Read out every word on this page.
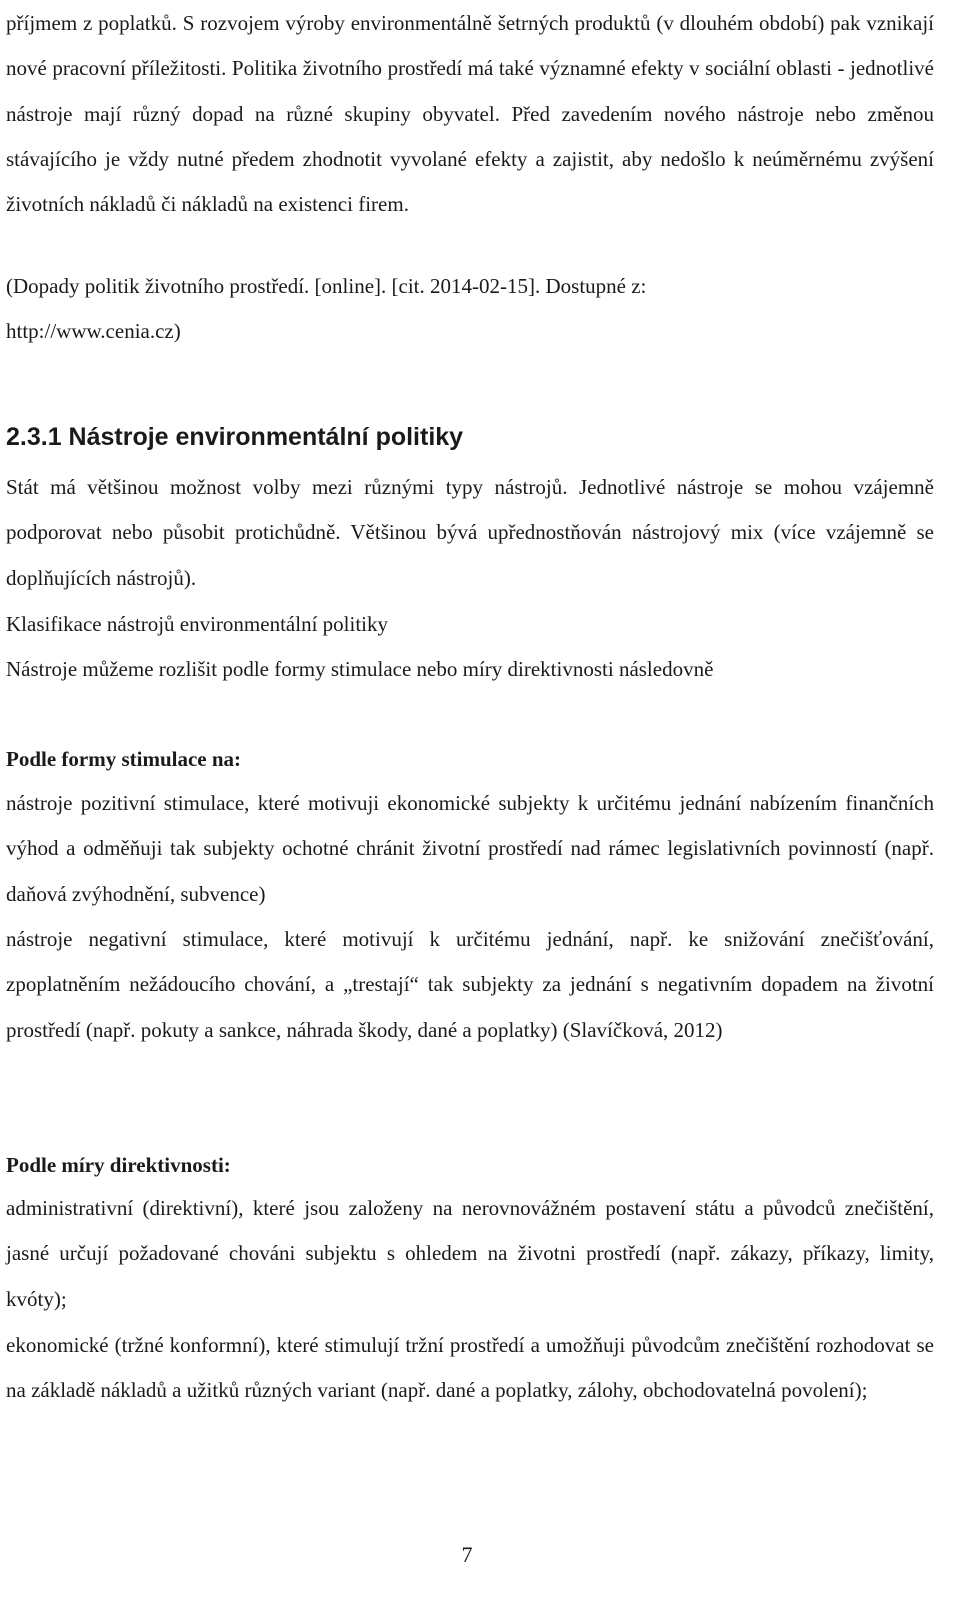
příjmem z poplatků. S rozvojem výroby environmentálně šetrných produktů (v dlouhém období) pak vznikají nové pracovní příležitosti. Politika životního prostředí má také významné efekty v sociální oblasti - jednotlivé nástroje mají různý dopad na různé skupiny obyvatel. Před zavedením nového nástroje nebo změnou stávajícího je vždy nutné předem zhodnotit vyvolané efekty a zajistit, aby nedošlo k neúměrnému zvýšení životních nákladů či nákladů na existenci firem.

(Dopady politik životního prostředí. [online]. [cit. 2014-02-15]. Dostupné z:

http://www.cenia.cz)

2.3.1 Nástroje environmentální politiky

Stát má většinou možnost volby mezi různými typy nástrojů. Jednotlivé nástroje se mohou vzájemně podporovat nebo působit protichůdně. Většinou bývá upřednostňován nástrojový mix (více vzájemně se doplňujících nástrojů).

Klasifikace nástrojů environmentální politiky

Nástroje můžeme rozlišit podle formy stimulace nebo míry direktivnosti následovně

Podle formy stimulace na:

nástroje pozitivní stimulace, které motivuji ekonomické subjekty k určitému jednání nabízením finančních výhod a odměňuji tak subjekty ochotné chránit životní prostředí nad rámec legislativních povinností (např. daňová zvýhodnění, subvence)

nástroje negativní stimulace, které motivují k určitému jednání, např. ke snižování znečišťování, zpoplatněním nežádoucího chování, a „trestají“ tak subjekty za jednání s negativním dopadem na životní prostředí (např. pokuty a sankce, náhrada škody, dané a poplatky) (Slavíčková, 2012)

Podle míry direktivnosti:

administrativní (direktivní), které jsou založeny na nerovnovážném postavení státu a původců znečištění, jasné určují požadované chováni subjektu s ohledem na životni prostředí (např. zákazy, příkazy, limity, kvóty);

ekonomické (tržné konformní), které stimulují tržní prostředí a umožňuji původcům znečištění rozhodovat se na základě nákladů a užitků různých variant (např. dané a poplatky, zálohy, obchodovatelná povolení);

7
